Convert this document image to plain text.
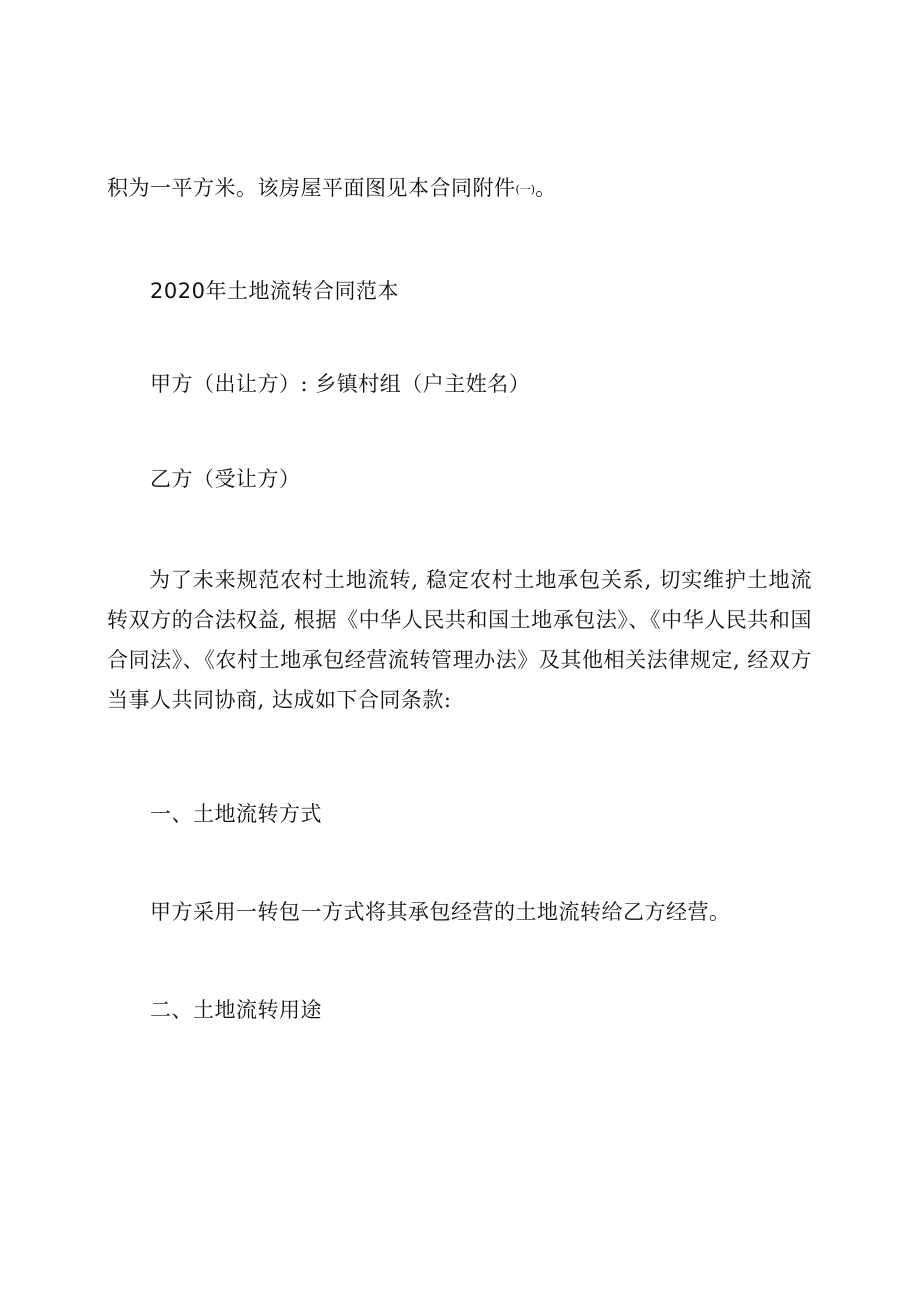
积为一平方米。该房屋平面图见本合同附件(一)。
2020年土地流转合同范本
甲方（出让方）: 乡镇村组（户主姓名）
乙方（受让方）
为了未来规范农村土地流转, 稳定农村土地承包关系, 切实维护土地流转双方的合法权益, 根据《中华人民共和国土地承包法》、《中华人民共和国合同法》、《农村土地承包经营流转管理办法》及其他相关法律规定, 经双方当事人共同协商, 达成如下合同条款:
一、土地流转方式
甲方采用一转包一方式将其承包经营的土地流转给乙方经营。
二、土地流转用途
